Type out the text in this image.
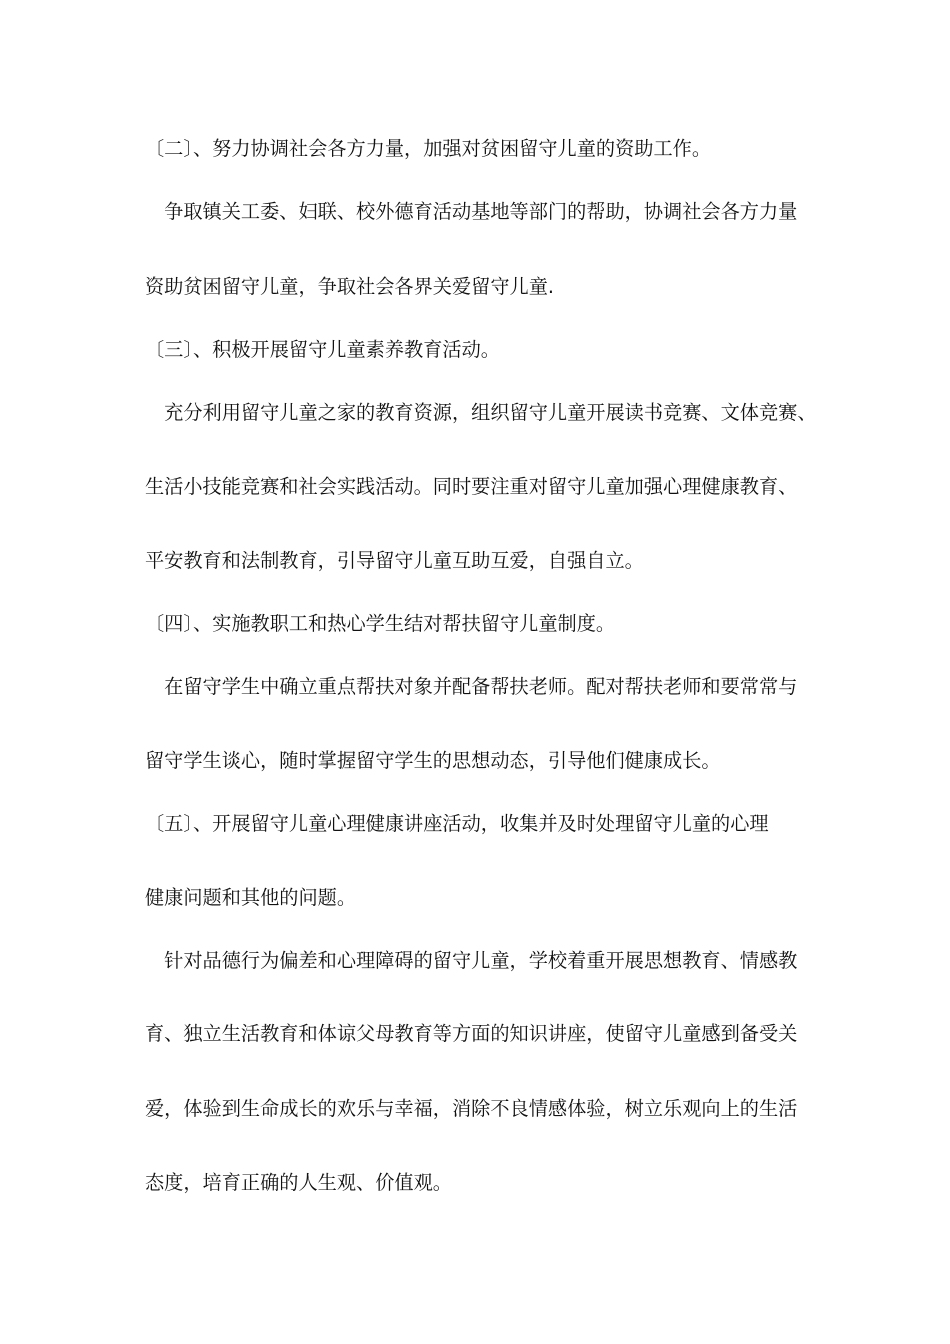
〔二〕、努力协调社会各方力量，加强对贫困留守儿童的资助工作。
　争取镇关工委、妇联、校外德育活动基地等部门的帮助，协调社会各方力量
资助贫困留守儿童，争取社会各界关爱留守儿童.
〔三〕、积极开展留守儿童素养教育活动。
　充分利用留守儿童之家的教育资源，组织留守儿童开展读书竞赛、文体竞赛、
生活小技能竞赛和社会实践活动。同时要注重对留守儿童加强心理健康教育、
平安教育和法制教育，引导留守儿童互助互爱，自强自立。
〔四〕、实施教职工和热心学生结对帮扶留守儿童制度。
　在留守学生中确立重点帮扶对象并配备帮扶老师。配对帮扶老师和要常常与
留守学生谈心，随时掌握留守学生的思想动态，引导他们健康成长。
〔五〕、开展留守儿童心理健康讲座活动，收集并及时处理留守儿童的心理
健康问题和其他的问题。
　针对品德行为偏差和心理障碍的留守儿童，学校着重开展思想教育、情感教
育、独立生活教育和体谅父母教育等方面的知识讲座，使留守儿童感到备受关
爱，体验到生命成长的欢乐与幸福，消除不良情感体验，树立乐观向上的生活
态度，培育正确的人生观、价值观。
